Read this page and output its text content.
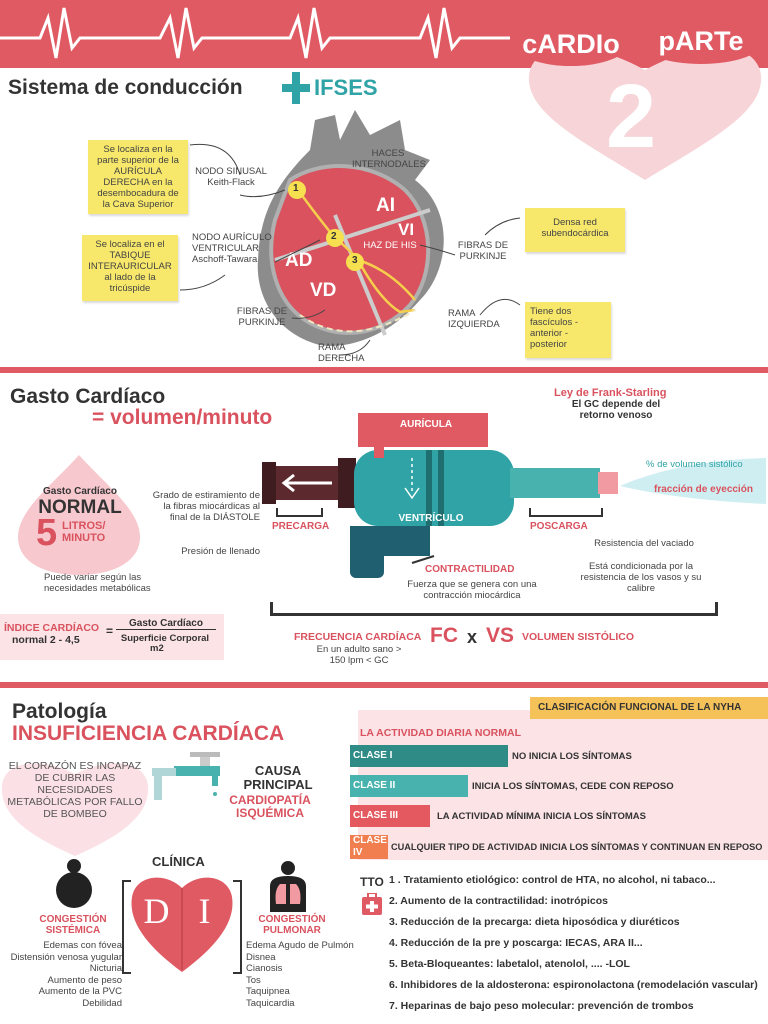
cARDIo	pARTe
2
Sistema de conducción	IFSES
1
2
3
AI
VI
AD
VD
HAZ DE HIS
Se localiza en la parte superior de la AURÍCULA DERECHA en la desembocadura de la Cava Superior
Se localiza en el TABIQUE INTERAURICULAR al lado de la tricúspide
Densa red subendocárdica
Tiene dos fascículos - anterior - posterior
NODO SINUSAL Keith-Flack
HACES INTERNODALES
NODO AURÍCULO VENTRICULAR Aschoff-Tawara
FIBRAS DE PURKINJE
FIBRAS DE PURKINJE
RAMA IZQUIERDA
RAMA DERECHA
Gasto Cardíaco
= volumen/minuto
Gasto Cardíaco
NORMAL
5 LITROS/ MINUTO
Puede variar según las necesidades metabólicas
Ley de Frank-Starling
El GC depende del retorno venoso
AURÍCULA
VENTRÍCULO
PRECARGA
Grado de estiramiento de la fibras miocárdicas al final de la DIÁSTOLE
Presión de llenado
POSCARGA
Resistencia del vaciado
Está condicionada por la resistencia de los vasos y su calibre
CONTRACTILIDAD
Fuerza que se genera con una contracción miocárdica
% de volumen sistólico
fracción de eyección
ÍNDICE CARDÍACO
normal 2 - 4,5
=
Gasto Cardíaco
Superficie Corporal
m2
FRECUENCIA CARDÍACA
En un adulto sano > 150 lpm < GC
FC x VS VOLUMEN SISTÓLICO
Patología
INSUFICIENCIA CARDÍACA
EL CORAZÓN ES INCAPAZ DE CUBRIR LAS NECESIDADES METABÓLICAS POR FALLO DE BOMBEO
CAUSA PRINCIPAL
CARDIOPATÍA ISQUÉMICA
CLÍNICA
D I
CONGESTIÓN SISTÉMICA
CONGESTIÓN PULMONAR
Edemas con fóvea
Distensión venosa yugular
Nicturia
Aumento de peso
Aumento de la PVC
Debilidad
Edema Agudo de Pulmón
Disnea
Cianosis
Tos
Taquipnea
Taquicardia
CLASIFICACIÓN FUNCIONAL DE LA NYHA
LA ACTIVIDAD DIARIA NORMAL
CLASE I	NO INICIA LOS SÍNTOMAS
CLASE II	INICIA LOS SÍNTOMAS, CEDE CON REPOSO
CLASE III	LA ACTIVIDAD MÍNIMA INICIA LOS SÍNTOMAS
CLASE IV	CUALQUIER TIPO DE ACTIVIDAD INICIA LOS SÍNTOMAS Y CONTINUAN EN REPOSO
TTO 1 . Tratamiento etiológico: control de HTA, no alcohol, ni tabaco...
2. Aumento de la contractilidad: inotrópicos
3. Reducción de la precarga: dieta hiposódica y diuréticos
4. Reducción de la pre y poscarga: IECAS, ARA II...
5. Beta-Bloqueantes: labetalol, atenolol, .... -LOL
6. Inhibidores de la aldosterona: espironolactona (remodelación vascular)
7. Heparinas de bajo peso molecular: prevención de trombos
